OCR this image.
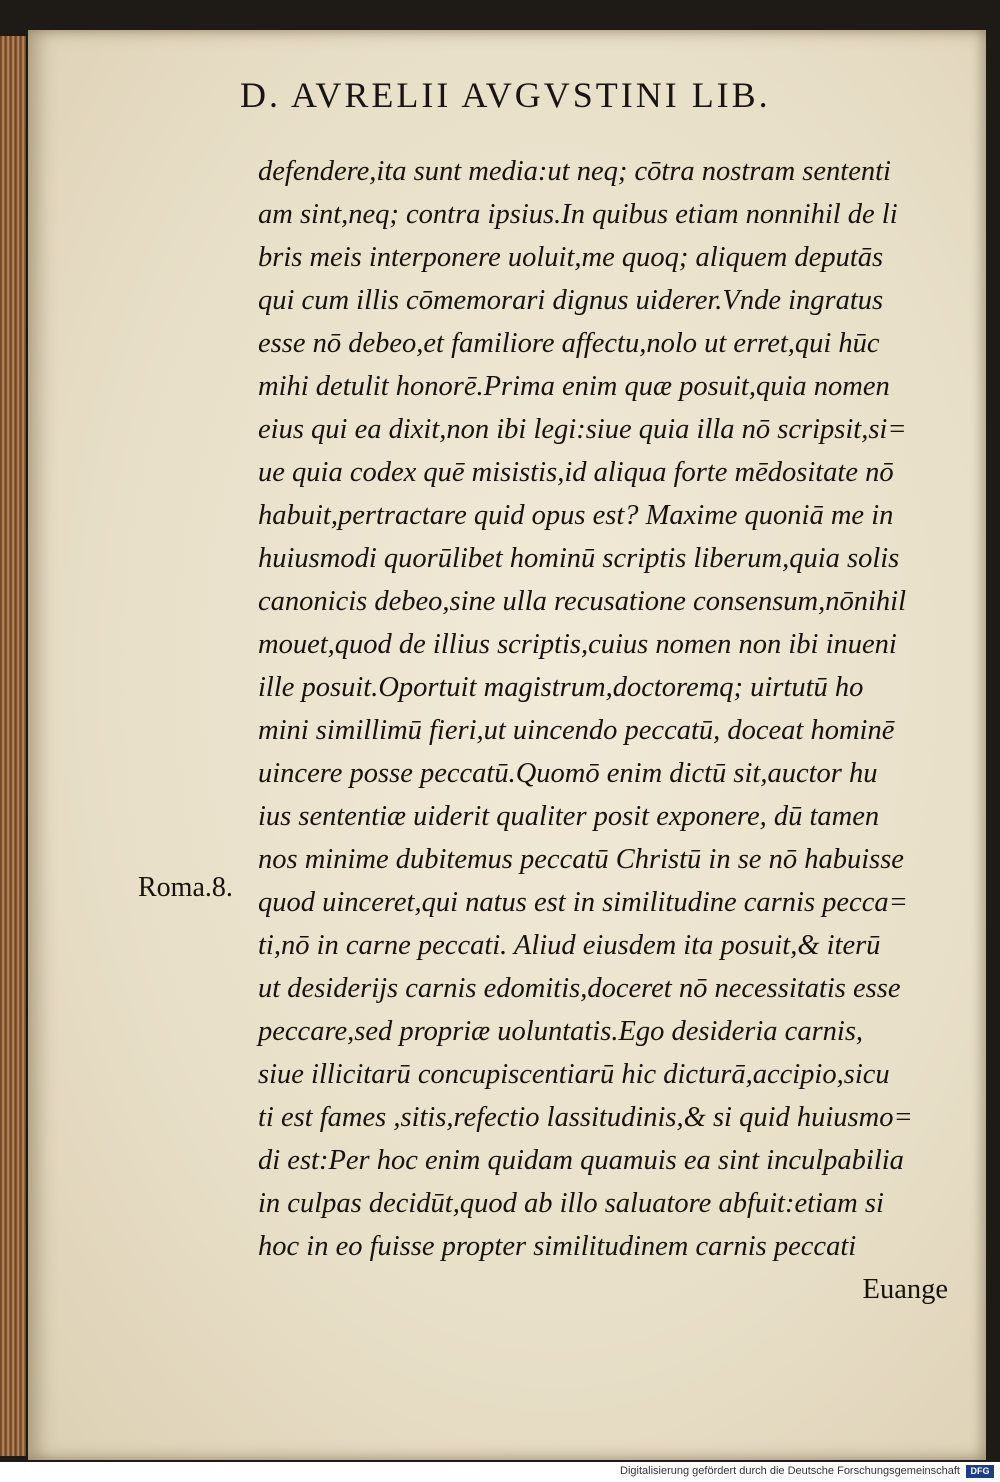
D. AVRELII AVGVSTINI LIB.
Roma.8.
defendere,ita sunt media:ut neq; cōtra nostram sententi
am sint,neq; contra ipsius.In quibus etiam nonnihil de li
bris meis interponere uoluit,me quoq; aliquem deputās
qui cum illis cōmemorari dignus uiderer.Vnde ingratus
esse nō debeo,et familiore affectu,nolo ut erret,qui hūc
mihi detulit honorē.Prima enim quæ posuit,quia nomen
eius qui ea dixit,non ibi legi:siue quia illa nō scripsit,si=
ue quia codex quē misistis,id aliqua forte mēdositate nō
habuit,pertractare quid opus est? Maxime quoniā me in
huiusmodi quorūlibet hominū scriptis liberum,quia solis
canonicis debeo,sine ulla recusatione consensum,nōnihil
mouet,quod de illius scriptis,cuius nomen non ibi inueni
ille posuit.Oportuit magistrum,doctoremq; uirtutū ho
mini simillimū fieri,ut uincendo peccatū, doceat hominē
uincere posse peccatū.Quomō enim dictū sit,auctor hu
ius sententiæ uiderit qualiter posit exponere, dū tamen
nos minime dubitemus peccatū Christū in se nō habuisse
quod uinceret,qui natus est in similitudine carnis pecca=
ti,nō in carne peccati. Aliud eiusdem ita posuit,& iterū
ut desiderijs carnis edomitis,doceret nō necessitatis esse
peccare,sed propriæ uoluntatis.Ego desideria carnis,
siue illicitarū concupiscentiarū hic dicturā,accipio,sicu
ti est fames ,sitis,refectio lassitudinis,& si quid huiusmo=
di est:Per hoc enim quidam quamuis ea sint inculpabilia
in culpas decidūt,quod ab illo saluatore abfuit:etiam si
hoc in eo fuisse propter similitudinem carnis peccati
Euange
Digitalisierung gefördert durch die Deutsche Forschungsgemeinschaft	DFG
